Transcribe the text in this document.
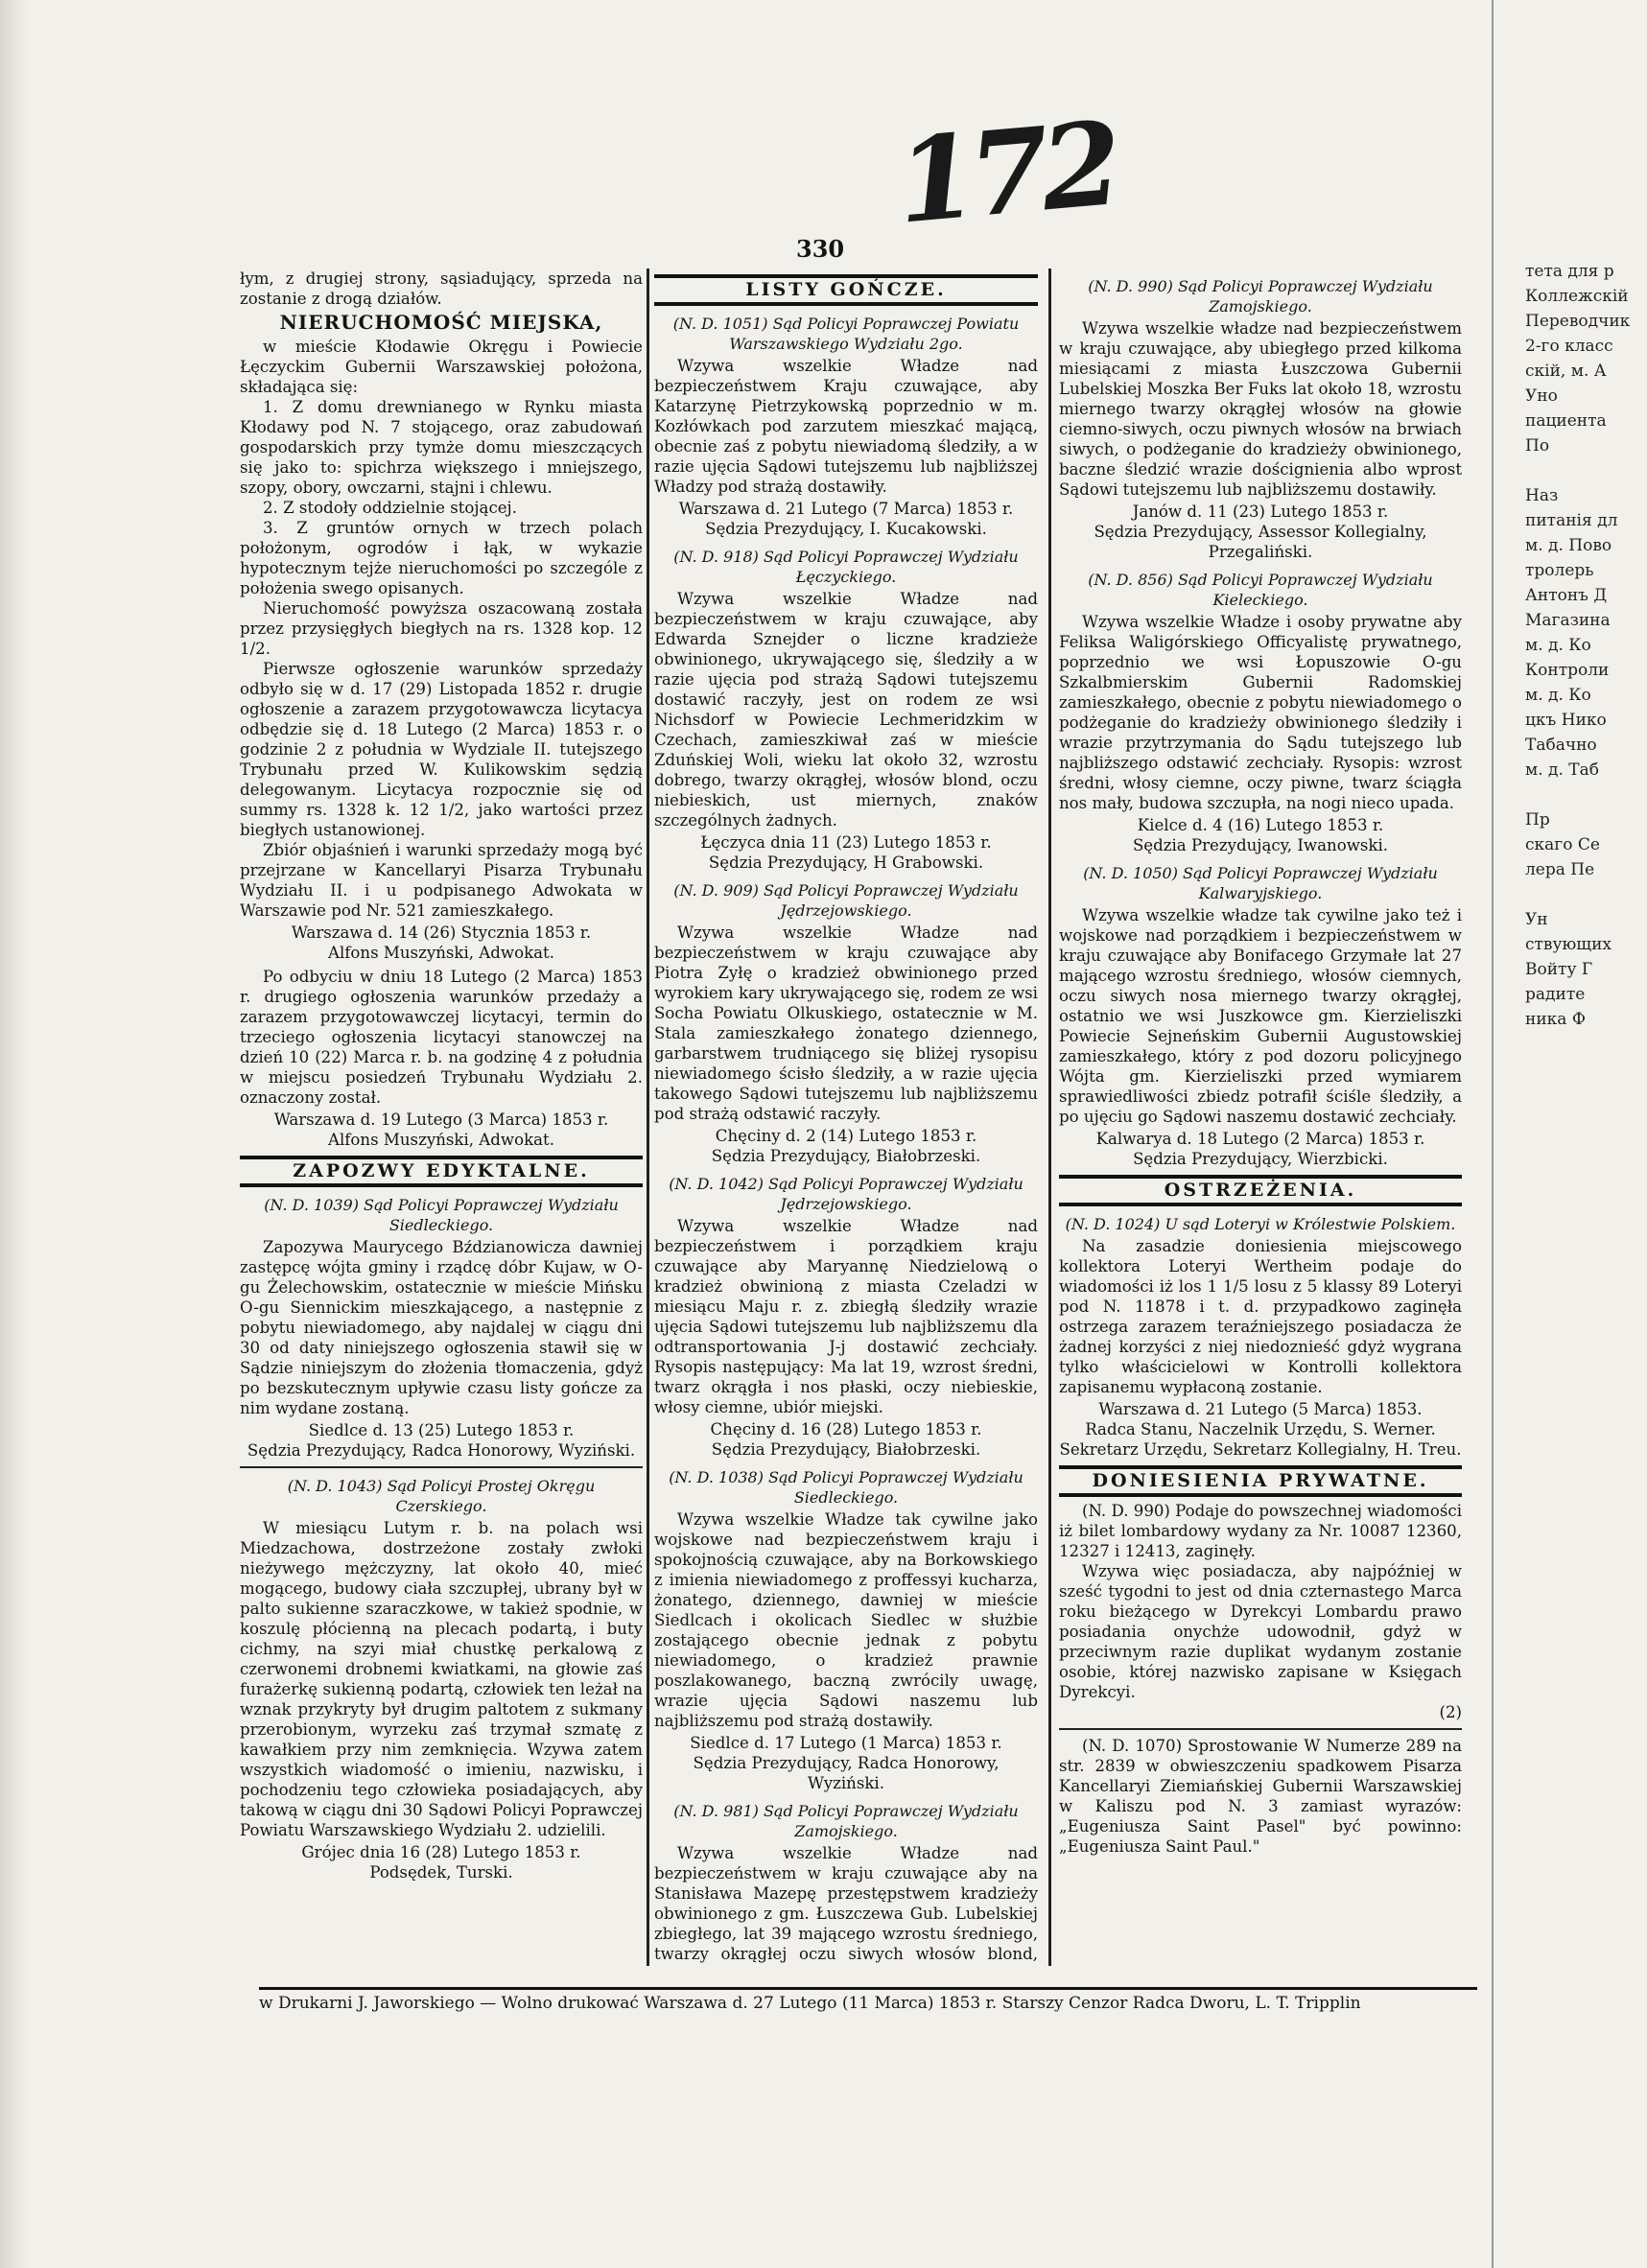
172
330

łym, z drugiej strony, sąsiadujący, sprzeda na zostanie z drogą działów.

NIERUCHOMOŚĆ MIEJSKA,

w mieście Kłodawie Okręgu i Powiecie Łęczyckim Gubernii Warszawskiej położona, składająca się:

1. Z domu drewnianego w Rynku miasta Kłodawy pod N. 7 stojącego, oraz zabudowań gospodarskich przy tymże domu mieszczących się jako to: spichrza większego i mniejszego, szopy, obory, owczarni, stajni i chlewu.

2. Z stodoły oddzielnie stojącej.

3. Z gruntów ornych w trzech polach położonym, ogrodów i łąk, w wykazie hypotecznym tejże nieruchomości po szczególe z położenia swego opisanych.

Nieruchomość powyższa oszacowaną została przez przysięgłych biegłych na rs. 1328 kop. 12 1/2.

Pierwsze ogłoszenie warunków sprzedaży odbyło się w d. 17 (29) Listopada 1852 r. drugie ogłoszenie a zarazem przygotowawcza licytacya odbędzie się d. 18 Lutego (2 Marca) 1853 r. o godzinie 2 z południa w Wydziale II. tutejszego Trybunału przed W. Kulikowskim sędzią delegowanym. Licytacya rozpocznie się od summy rs. 1328 k. 12 1/2, jako wartości przez biegłych ustanowionej.

Zbiór objaśnień i warunki sprzedaży mogą być przejrzane w Kancellaryi Pisarza Trybunału Wydziału II. i u podpisanego Adwokata w Warszawie pod Nr. 521 zamieszkałego.

Warszawa d. 14 (26) Stycznia 1853 r.
Alfons Muszyński, Adwokat.

Po odbyciu w dniu 18 Lutego (2 Marca) 1853 r. drugiego ogłoszenia warunków przedaży a zarazem przygotowawczej licytacyi, termin do trzeciego ogłoszenia licytacyi stanowczej na dzień 10 (22) Marca r. b. na godzinę 4 z południa w miejscu posiedzeń Trybunału Wydziału 2. oznaczony został.

Warszawa d. 19 Lutego (3 Marca) 1853 r.
Alfons Muszyński, Adwokat.
ZAPOZWY EDYKTALNE.
(N. D. 1039) Sąd Policyi Poprawczej Wydziału Siedleckiego.

Zapozywa Maurycego Bździanowicza dawniej zastępcę wójta gminy i rządcę dóbr Kujaw, w O-gu Żelechowskim, ostatecznie w mieście Mińsku O-gu Siennickim mieszkającego, a następnie z pobytu niewiadomego, aby najdalej w ciągu dni 30 od daty niniejszego ogłoszenia stawił się w Sądzie niniejszym do złożenia tłomaczenia, gdyż po bezskutecznym upływie czasu listy gończe za nim wydane zostaną.

Siedlce d. 13 (25) Lutego 1853 r.
Sędzia Prezydujący, Radca Honorowy, Wyziński.
(N. D. 1043) Sąd Policyi Prostej Okręgu Czerskiego.

W miesiącu Lutym r. b. na polach wsi Miedzachowa, dostrzeżone zostały zwłoki nieżywego mężczyzny, lat około 40, mieć mogącego, budowy ciała szczupłej, ubrany był w palto sukienne szaraczkowe, w takież spodnie, w koszulę płócienną na plecach podartą, i buty cichmy, na szyi miał chustkę perkalową z czerwonemi drobnemi kwiatkami, na głowie zaś furażerkę sukienną podartą, człowiek ten leżał na wznak przykryty był drugim paltotem z sukmany przerobionym, wyrzeku zaś trzymał szmatę z kawałkiem przy nim zemknięcia. Wzywa zatem wszystkich wiadomość o imieniu, nazwisku, i pochodzeniu tego człowieka posiadających, aby takową w ciągu dni 30 Sądowi Policyi Poprawczej Powiatu Warszawskiego Wydziału 2. udzielili.

Grójec dnia 16 (28) Lutego 1853 r.
Podsędek, Turski.
LISTY GOŃCZE.
(N. D. 1051) Sąd Policyi Poprawczej Powiatu Warszawskiego Wydziału 2go.

Wzywa wszelkie Władze nad bezpieczeństwem Kraju czuwające, aby Katarzynę Pietrzykowską poprzednio w m. Kozłówkach pod zarzutem mieszkać mającą, obecnie zaś z pobytu niewiadomą śledziły, a w razie ujęcia Sądowi tutejszemu lub najbliższej Władzy pod strażą dostawiły.

Warszawa d. 21 Lutego (7 Marca) 1853 r.
Sędzia Prezydujący, I. Kucakowski.
(N. D. 918) Sąd Policyi Poprawczej Wydziału Łęczyckiego.

Wzywa wszelkie Władze nad bezpieczeństwem w kraju czuwające, aby Edwarda Sznejder o liczne kradzieże obwinionego, ukrywającego się, śledziły a w razie ujęcia pod strażą Sądowi tutejszemu dostawić raczyły, jest on rodem ze wsi Nichsdorf w Powiecie Lechmeridzkim w Czechach, zamieszkiwał zaś w mieście Zduńskiej Woli, wieku lat około 32, wzrostu dobrego, twarzy okrągłej, włosów blond, oczu niebieskich, ust miernych, znaków szczególnych żadnych.

Łęczyca dnia 11 (23) Lutego 1853 r.
Sędzia Prezydujący, H Grabowski.
(N. D. 909) Sąd Policyi Poprawczej Wydziału Jędrzejowskiego.

Wzywa wszelkie Władze nad bezpieczeństwem w kraju czuwające aby Piotra Zyłę o kradzież obwinionego przed wyrokiem kary ukrywającego się, rodem ze wsi Socha Powiatu Olkuskiego, ostatecznie w M. Stala zamieszkałego żonatego dziennego, garbarstwem trudniącego się bliżej rysopisu niewiadomego ścisło śledziły, a w razie ujęcia takowego Sądowi tutejszemu lub najbliższemu pod strażą odstawić raczyły.

Chęciny d. 2 (14) Lutego 1853 r.
Sędzia Prezydujący, Białobrzeski.
(N. D. 1042) Sąd Policyi Poprawczej Wydziału Jędrzejowskiego.

Wzywa wszelkie Władze nad bezpieczeństwem i porządkiem kraju czuwające aby Maryannę Niedzielową o kradzież obwinioną z miasta Czeladzi w miesiącu Maju r. z. zbiegłą śledziły wrazie ujęcia Sądowi tutejszemu lub najbliższemu dla odtransportowania J-j dostawić zechciały. Rysopis następujący: Ma lat 19, wzrost średni, twarz okrągła i nos płaski, oczy niebieskie, włosy ciemne, ubiór miejski.

Chęciny d. 16 (28) Lutego 1853 r.
Sędzia Prezydujący, Białobrzeski.
(N. D. 1038) Sąd Policyi Poprawczej Wydziału Siedleckiego.

Wzywa wszelkie Władze tak cywilne jako wojskowe nad bezpieczeństwem kraju i spokojnością czuwające, aby na Borkowskiego z imienia niewiadomego z proffessyi kucharza, żonatego, dziennego, dawniej w mieście Siedlcach i okolicach Siedlec w służbie zostającego obecnie jednak z pobytu niewiadomego, o kradzież prawnie poszlakowanego, baczną zwrócily uwagę, wrazie ujęcia Sądowi naszemu lub najbliższemu pod strażą dostawiły.

Siedlce d. 17 Lutego (1 Marca) 1853 r.
Sędzia Prezydujący, Radca Honorowy, Wyziński.
(N. D. 981) Sąd Policyi Poprawczej Wydziału Zamojskiego.

Wzywa wszelkie Władze nad bezpieczeństwem w kraju czuwające aby na Stanisława Mazepę przestępstwem kradzieży obwinionego z gm. Łuszczewa Gub. Lubelskiej zbiegłego, lat 39 mającego wzrostu średniego, twarzy okrągłej oczu siwych włosów blond,

(N. D. 990) Sąd Policyi Poprawczej Wydziału Zamojskiego.

Wzywa wszelkie władze nad bezpieczeństwem w kraju czuwające, aby ubiegłego przed kilkoma miesiącami z miasta Łuszczowa Gubernii Lubelskiej Moszka Ber Fuks lat około 18, wzrostu miernego twarzy okrągłej włosów na głowie ciemno-siwych, oczu piwnych włosów na brwiach siwych, o podżeganie do kradzieży obwinionego, baczne śledzić wrazie doścignienia albo wprost Sądowi tutejszemu lub najbliższemu dostawiły.

Janów d. 11 (23) Lutego 1853 r.
Sędzia Prezydujący, Assessor Kollegialny, Przegaliński.
(N. D. 856) Sąd Policyi Poprawczej Wydziału Kieleckiego.

Wzywa wszelkie Władze i osoby prywatne aby Feliksa Waligórskiego Officyalistę prywatnego, poprzednio we wsi Łopuszowie O-gu Szkalbmierskim Gubernii Radomskiej zamieszkałego, obecnie z pobytu niewiadomego o podżeganie do kradzieży obwinionego śledziły i wrazie przytrzymania do Sądu tutejszego lub najbliższego odstawić zechciały. Rysopis: wzrost średni, włosy ciemne, oczy piwne, twarz ściągła nos mały, budowa szczupła, na nogi nieco upada.

Kielce d. 4 (16) Lutego 1853 r.
Sędzia Prezydujący, Iwanowski.
(N. D. 1050) Sąd Policyi Poprawczej Wydziału Kalwaryjskiego.

Wzywa wszelkie władze tak cywilne jako też i wojskowe nad porządkiem i bezpieczeństwem w kraju czuwające aby Bonifacego Grzymałe lat 27 mającego wzrostu średniego, włosów ciemnych, oczu siwych nosa miernego twarzy okrągłej, ostatnio we wsi Juszkowce gm. Kierzieliszki Powiecie Sejneńskim Gubernii Augustowskiej zamieszkałego, który z pod dozoru policyjnego Wójta gm. Kierzieliszki przed wymiarem sprawiedliwości zbiedz potrafił ściśle śledziły, a po ujęciu go Sądowi naszemu dostawić zechciały.

Kalwarya d. 18 Lutego (2 Marca) 1853 r.
Sędzia Prezydujący, Wierzbicki.
OSTRZEŻENIA.
(N. D. 1024) U sąd Loteryi w Królestwie Polskiem.

Na zasadzie doniesienia miejscowego kollektora Loteryi Wertheim podaje do wiadomości iż los 1 1/5 losu z 5 klassy 89 Loteryi pod N. 11878 i t. d. przypadkowo zaginęła ostrzega zarazem teraźniejszego posiadacza że żadnej korzyści z niej niedoznieść gdyż wygrana tylko właścicielowi w Kontrolli kollektora zapisanemu wypłaconą zostanie.

Warszawa d. 21 Lutego (5 Marca) 1853.
Radca Stanu, Naczelnik Urzędu, S. Werner. Sekretarz Urzędu, Sekretarz Kollegialny, H. Treu.
DONIESIENIA PRYWATNE.

(N. D. 990) Podaje do powszechnej wiadomości iż bilet lombardowy wydany za Nr. 10087 12360, 12327 i 12413, zaginęły.

Wzywa więc posiadacza, aby najpóźniej w sześć tygodni to jest od dnia czternastego Marca roku bieżącego w Dyrekcyi Lombardu prawo posiadania onychże udowodnił, gdyż w przeciwnym razie duplikat wydanym zostanie osobie, której nazwisko zapisane w Księgach Dyrekcyi.

(2)

(N. D. 1070) Sprostowanie W Numerze 289 na str. 2839 w obwieszczeniu spadkowem Pisarza Kancellaryi Ziemiańskiej Gubernii Warszawskiej w Kaliszu pod N. 3 zamiast wyrazów: „Eugeniusza Saint Pasel" być powinno: „Eugeniusza Saint Paul."

w Drukarni J. Jaworskiego — Wolno drukować Warszawa d. 27 Lutego (11 Marca) 1853 r. Starszy Cenzor Radca Dworu, L. T. Tripplin
тета для р
Коллежскій
Переводчик
2-го класс
скій, м. А
Уно
пациента
По

Наз
питанія дл
м. д. Пово
тролерь
Антонъ Д
Магазина
м. д. Ко
Контроли
м. д. Ко
цкъ Нико
Табачно
м. д. Таб

Пр
скаго Се
лера Пе

Ун
ствующих
Войту Г
радите
ника Ф
